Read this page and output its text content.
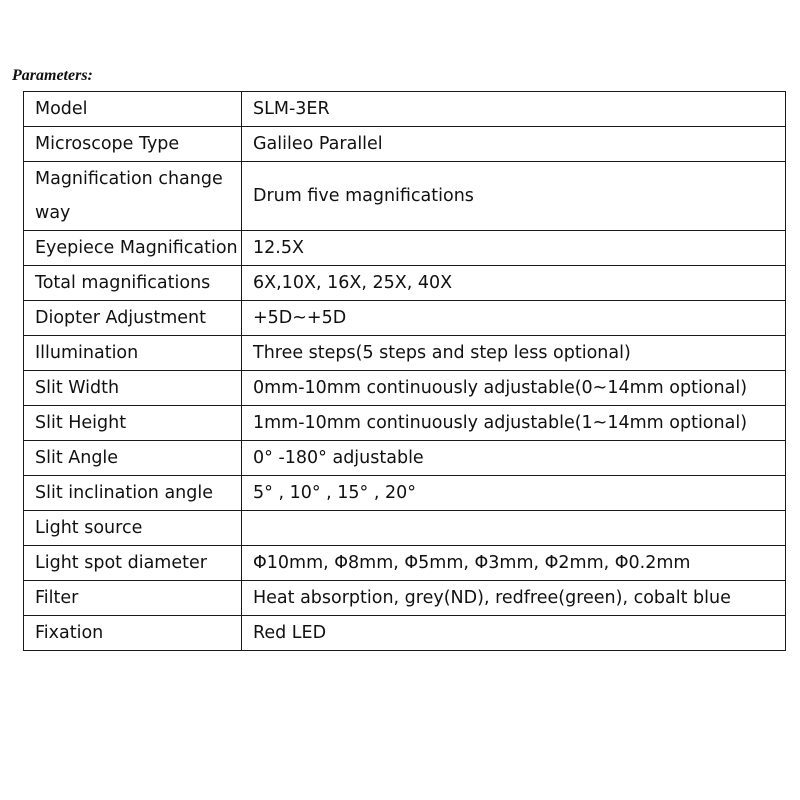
Parameters:
Model	SLM-3ER
Microscope Type	Galileo Parallel
Magnification change way	Drum five magnifications
Eyepiece Magnification	12.5X
Total magnifications	6X,10X, 16X, 25X, 40X
Diopter Adjustment	+5D~+5D
Illumination	Three steps(5 steps and step less optional)
Slit Width	0mm-10mm continuously adjustable(0~14mm optional)
Slit Height	1mm-10mm continuously adjustable(1~14mm optional)
Slit Angle	0° -180° adjustable
Slit inclination angle	5° , 10° , 15° , 20°
Light source	
Light spot diameter	Φ10mm, Φ8mm, Φ5mm, Φ3mm, Φ2mm, Φ0.2mm
Filter	Heat absorption, grey(ND), redfree(green), cobalt blue
Fixation	Red LED
